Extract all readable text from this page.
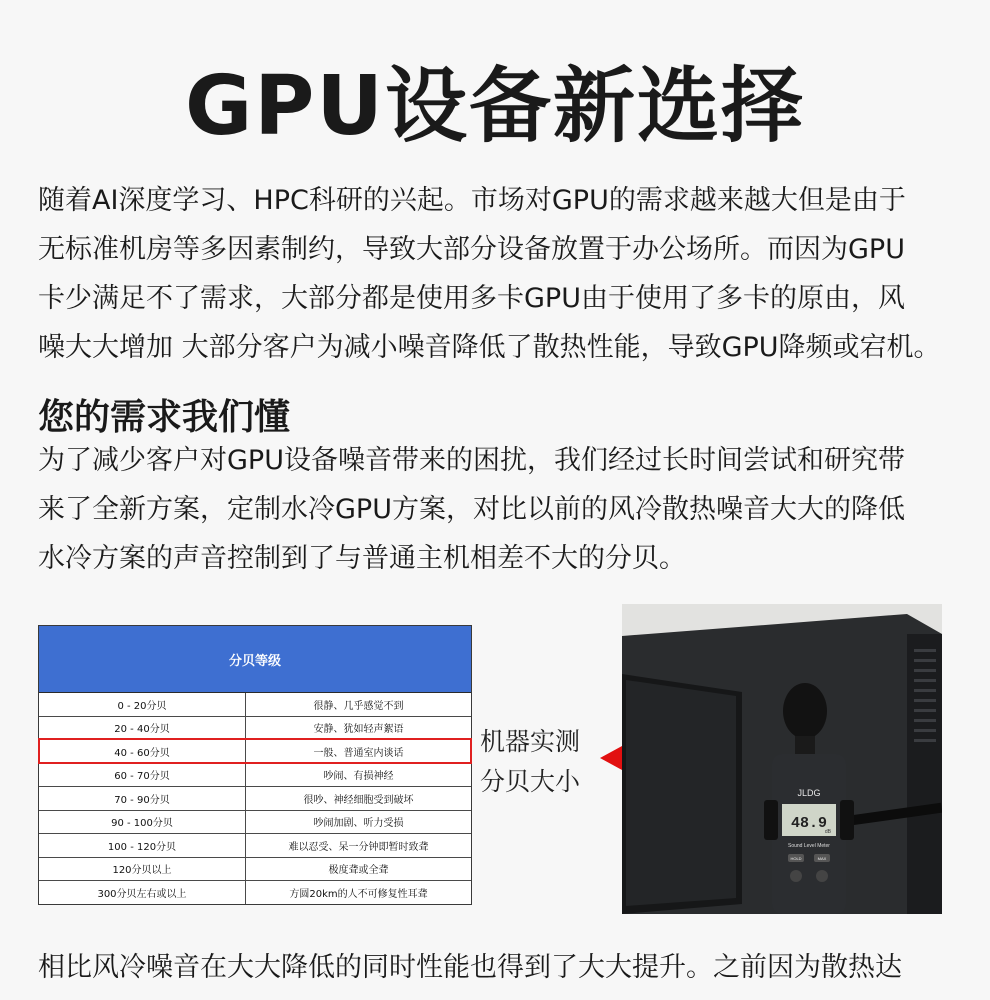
GPU设备新选择
随着AI深度学习、HPC科研的兴起。市场对GPU的需求越来越大但是由于
无标准机房等多因素制约，导致大部分设备放置于办公场所。而因为GPU
卡少满足不了需求，大部分都是使用多卡GPU由于使用了多卡的原由，风
噪大大增加 大部分客户为减小噪音降低了散热性能，导致GPU降频或宕机。
您的需求我们懂
为了减少客户对GPU设备噪音带来的困扰，我们经过长时间尝试和研究带
来了全新方案，定制水冷GPU方案，对比以前的风冷散热噪音大大的降低
水冷方案的声音控制到了与普通主机相差不大的分贝。
分贝等级
0 - 20分贝	很静、几乎感觉不到
20 - 40分贝	安静、犹如轻声絮语
40 - 60分贝	一般、普通室内谈话
60 - 70分贝	吵闹、有损神经
70 - 90分贝	很吵、神经细胞受到破坏
90 - 100分贝	吵闹加剧、听力受损
100 - 120分贝	难以忍受、呆一分钟即暂时致聋
120分贝以上	极度聋或全聋
300分贝左右或以上	方圆20km的人不可修复性耳聋
机器实测
分贝大小	JLDG
48.9
dB
Sound Level Meter
HOLD	MAX
相比风冷噪音在大大降低的同时性能也得到了大大提升。之前因为散热达
